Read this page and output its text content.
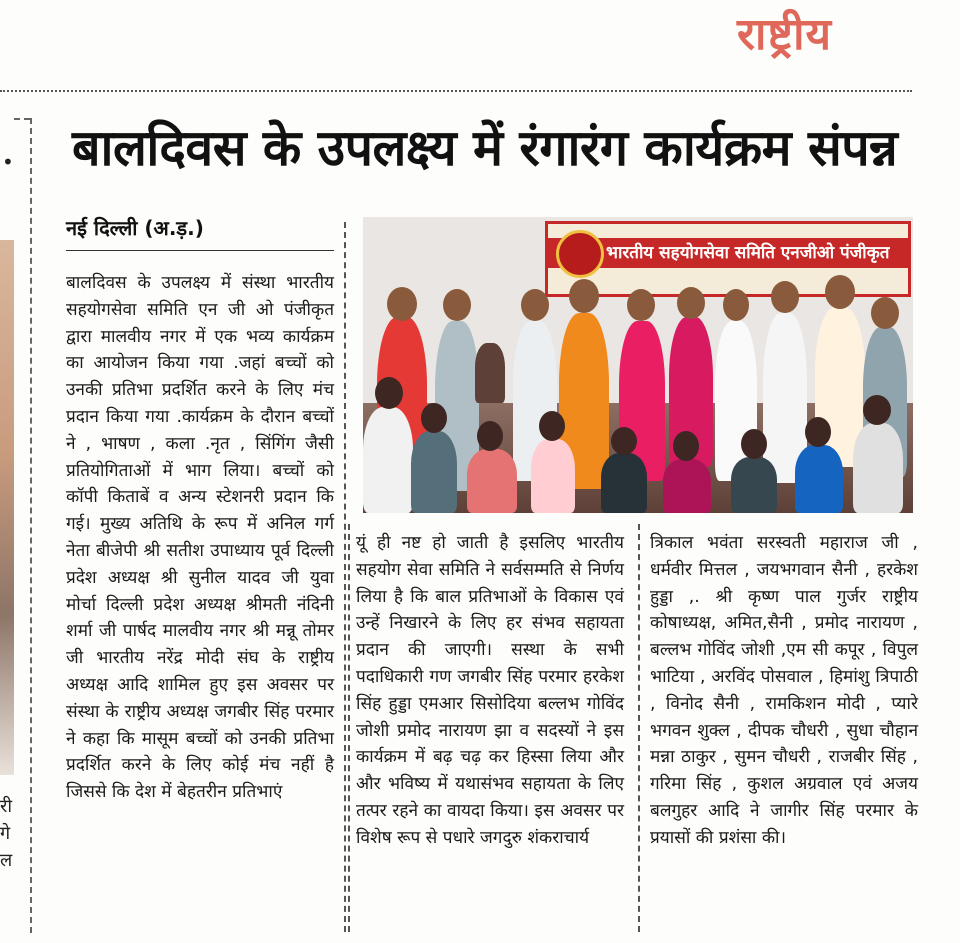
राष्ट्रीय
•
री
गे
ल
बालदिवस के उपलक्ष्य में रंगारंग कार्यक्रम संपन्न
नई दिल्ली (अ.ड़.)
बालदिवस के उपलक्ष्य में संस्था भारतीय सहयोगसेवा समिति एन जी ओ पंजीकृत द्वारा मालवीय नगर में एक भव्य कार्यक्रम का आयोजन किया गया .जहां बच्चों को उनकी प्रतिभा प्रदर्शित करने के लिए मंच प्रदान किया गया .कार्यक्रम के दौरान बच्चों ने , भाषण , कला .नृत , सिंगिंग जैसी प्रतियोगिताओं में भाग लिया। बच्चों को कॉपी किताबें व अन्य स्टेशनरी प्रदान कि गई। मुख्य अतिथि के रूप में अनिल गर्ग नेता बीजेपी श्री सतीश उपाध्याय पूर्व दिल्ली प्रदेश अध्यक्ष श्री सुनील यादव जी युवा मोर्चा दिल्ली प्रदेश अध्यक्ष श्रीमती नंदिनी शर्मा जी पार्षद मालवीय नगर श्री मन्नू तोमर जी भारतीय नरेंद्र मोदी संघ के राष्ट्रीय अध्यक्ष आदि शामिल हुए इस अवसर पर संस्था के राष्ट्रीय अध्यक्ष जगबीर सिंह परमार ने कहा कि मासूम बच्चों को उनकी प्रतिभा प्रदर्शित करने के लिए कोई मंच नहीं है जिससे कि देश में बेहतरीन प्रतिभाएं
भारतीय सहयोगसेवा समिति एनजीओ पंजीकृत
यूं ही नष्ट हो जाती है इसलिए भारतीय सहयोग सेवा समिति ने सर्वसम्मति से निर्णय लिया है कि बाल प्रतिभाओं के विकास एवं उन्हें निखारने के लिए हर संभव सहायता प्रदान की जाएगी। सस्था के सभी पदाधिकारी गण जगबीर सिंह परमार हरकेश सिंह हुड्डा एमआर सिसोदिया बल्लभ गोविंद जोशी प्रमोद नारायण झा व सदस्यों ने इस कार्यक्रम में बढ़ चढ़ कर हिस्सा लिया और और भविष्य में यथासंभव सहायता के लिए तत्पर रहने का वायदा किया। इस अवसर पर विशेष रूप से पधारे जगदुरु शंकराचार्य
त्रिकाल भवंता सरस्वती महाराज जी , धर्मवीर मित्तल , जयभगवान सैनी , हरकेश हुड्डा ,. श्री कृष्ण पाल गुर्जर राष्ट्रीय कोषाध्यक्ष, अमित,सैनी , प्रमोद नारायण , बल्लभ गोविंद जोशी ,एम सी कपूर , विपुल भाटिया , अरविंद पोसवाल , हिमांशु त्रिपाठी , विनोद सैनी , रामकिशन मोदी , प्यारे भगवन शुक्ल , दीपक चौधरी , सुधा चौहान मन्ना ठाकुर , सुमन चौधरी , राजबीर सिंह , गरिमा सिंह , कुशल अग्रवाल एवं अजय बलगुहर आदि ने जागीर सिंह परमार के प्रयासों की प्रशंसा की।
